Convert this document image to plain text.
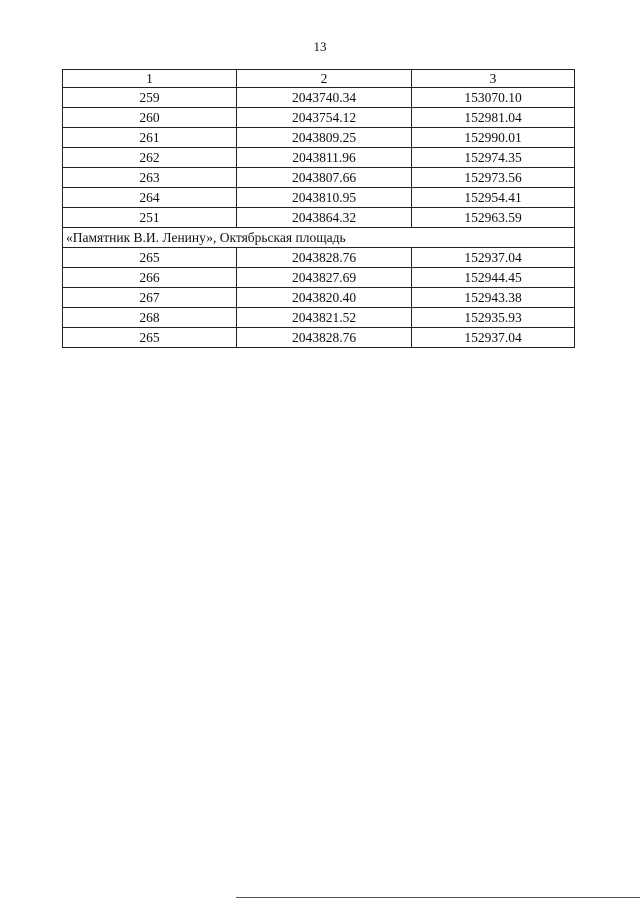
13
1	2	3
259	2043740.34	153070.10
260	2043754.12	152981.04
261	2043809.25	152990.01
262	2043811.96	152974.35
263	2043807.66	152973.56
264	2043810.95	152954.41
251	2043864.32	152963.59
«Памятник В.И. Ленину», Октябрьская площадь		
265	2043828.76	152937.04
266	2043827.69	152944.45
267	2043820.40	152943.38
268	2043821.52	152935.93
265	2043828.76	152937.04
